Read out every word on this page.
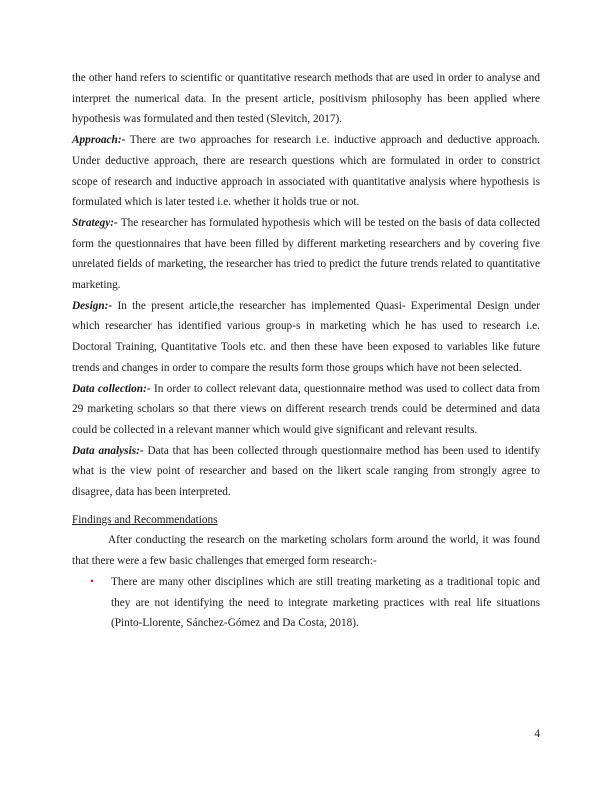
the other hand refers to scientific or quantitative research methods that are used in order to analyse and interpret the numerical data. In the present article, positivism philosophy has been applied where hypothesis was formulated and then tested (Slevitch, 2017).

Approach:- There are two approaches for research i.e. inductive approach and deductive approach. Under deductive approach, there are research questions which are formulated in order to constrict scope of research and inductive approach in associated with quantitative analysis where hypothesis is formulated which is later tested i.e. whether it holds true or not.

Strategy:- The researcher has formulated hypothesis which will be tested on the basis of data collected form the questionnaires that have been filled by different marketing researchers and by covering five unrelated fields of marketing, the researcher has tried to predict the future trends related to quantitative marketing.

Design:- In the present article,the researcher has implemented Quasi- Experimental Design under which researcher has identified various group-s in marketing which he has used to research i.e. Doctoral Training, Quantitative Tools etc. and then these have been exposed to variables like future trends and changes in order to compare the results form those groups which have not been selected.

Data collection:- In order to collect relevant data, questionnaire method was used to collect data from 29 marketing scholars so that there views on different research trends could be determined and data could be collected in a relevant manner which would give significant and relevant results.

Data analysis:- Data that has been collected through questionnaire method has been used to identify what is the view point of researcher and based on the likert scale ranging from strongly agree to disagree, data has been interpreted.

Findings and Recommendations

After conducting the research on the marketing scholars form around the world, it was found that there were a few basic challenges that emerged form research:-

• There are many other disciplines which are still treating marketing as a traditional topic and they are not identifying the need to integrate marketing practices with real life situations (Pinto-Llorente, Sánchez-Gómez and Da Costa, 2018).
4
